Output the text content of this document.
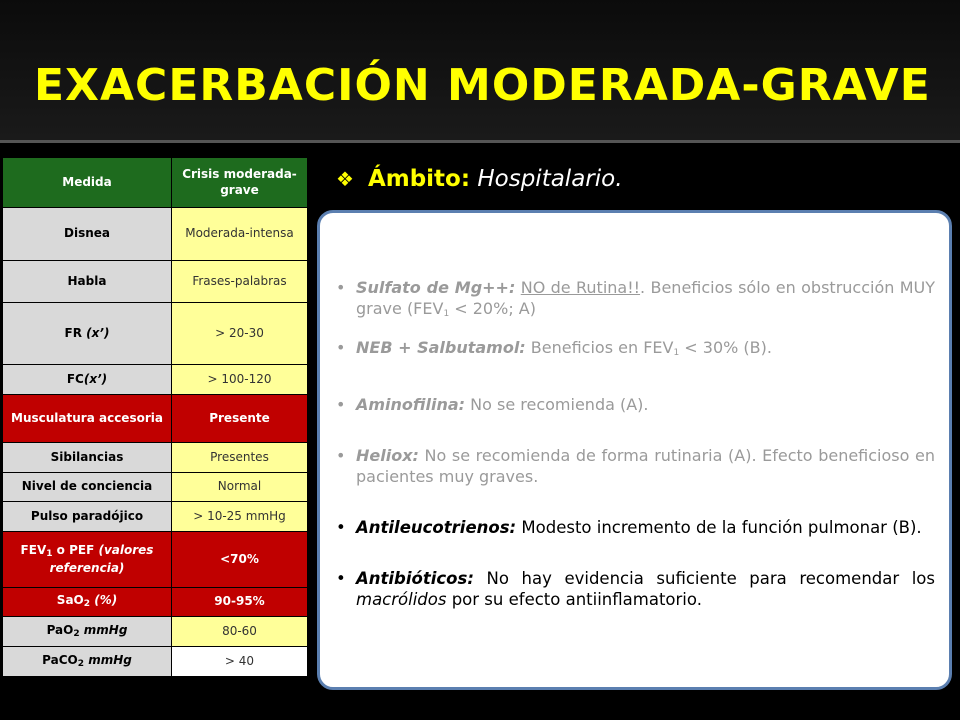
EXACERBACIÓN MODERADA-GRAVE
Medida	Crisis moderada-grave
Disnea	Moderada-intensa
Habla	Frases-palabras
FR (x’)	> 20-30
FC(x’)	> 100-120
Musculatura accesoria	Presente
Sibilancias	Presentes
Nivel de conciencia	Normal
Pulso paradójico	> 10-25 mmHg
$FEV_1$ o PEF (valores referencia)	<70%
SaO$_2$ (%)	90-95%
PaO$_2$ mmHg	80-60
PaCO$_2$ mmHg	> 40
❖ Ámbito: Hospitalario.
• Sulfato de Mg++: NO de Rutina!!. Beneficios sólo en obstrucción MUY grave ($FEV_1 < 20\%$; A)
• NEB + Salbutamol: Beneficios en $FEV_1 < 30\%$ (B).
• Aminofilina: No se recomienda (A).
• Heliox: No se recomienda de forma rutinaria (A). Efecto beneficioso en pacientes muy graves.
• Antileucotrienos: Modesto incremento de la función pulmonar (B).
• Antibióticos: No hay evidencia suficiente para recomendar los macrólidos por su efecto antiinflamatorio.
